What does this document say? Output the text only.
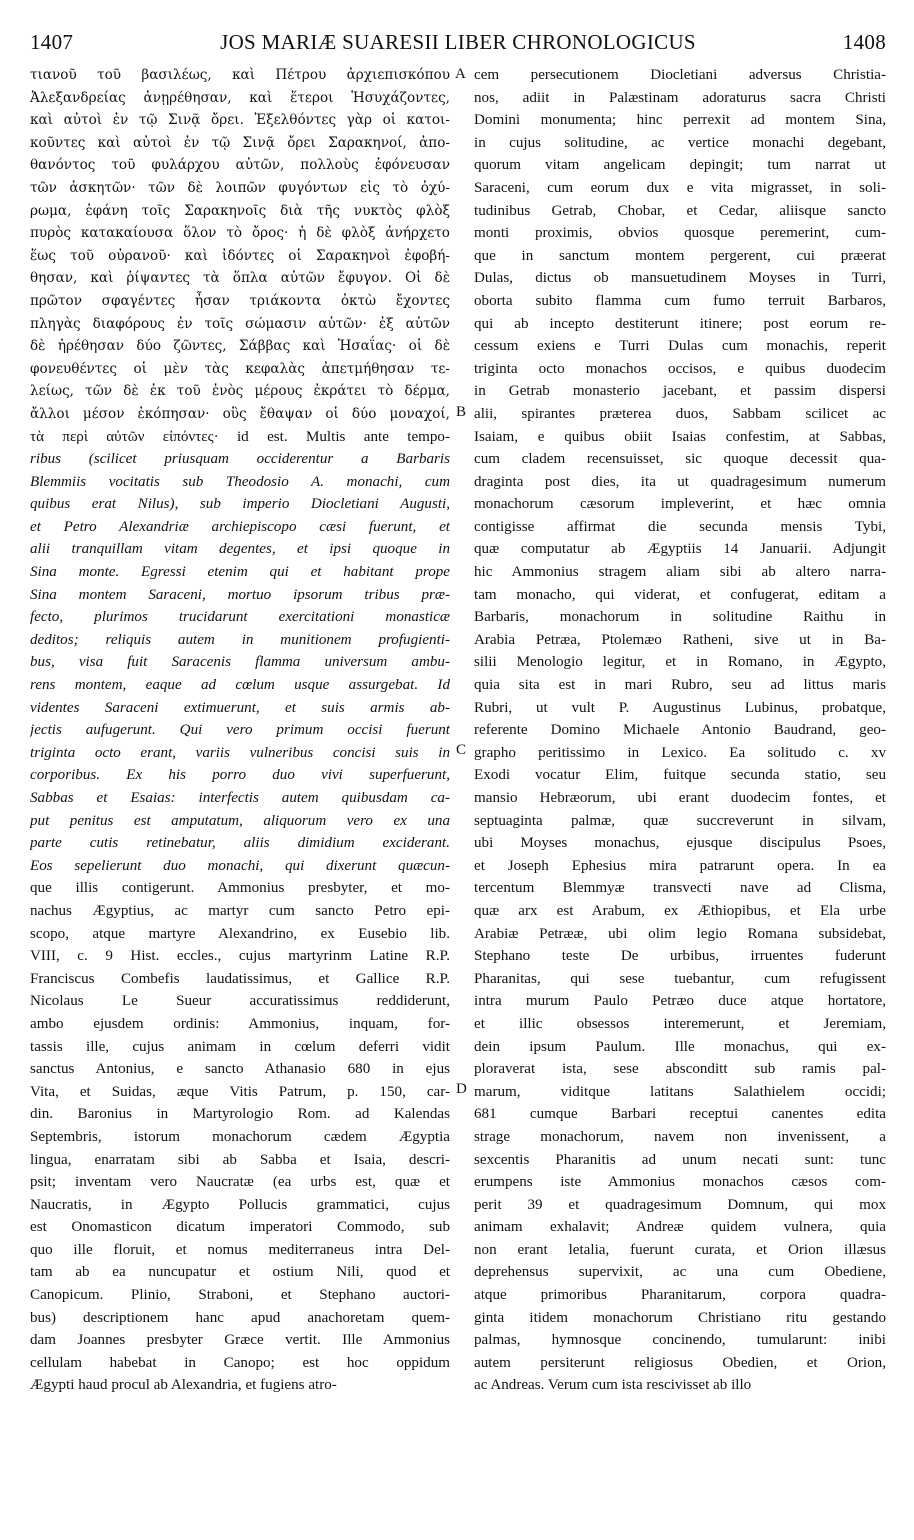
1407	JOS MARIÆ SUARESII LIBER CHRONOLOGICUS	1408
A
B
C
D
τιανοῦ τοῦ βασιλέως, καὶ Πέτρου ἀρχιεπισκόπου
Ἀλεξανδρείας ἀνῃρέθησαν, καὶ ἕτεροι Ἡσυχάζοντες,
καὶ αὐτοὶ ἐν τῷ Σινᾷ ὄρει. Ἐξελθόντες γὰρ οἱ κατοι-
κοῦντες καὶ αὐτοὶ ἐν τῷ Σινᾷ ὄρει Σαρακηνοί, ἀπο-
θανόντος τοῦ φυλάρχου αὐτῶν, πολλοὺς ἐφόνευσαν
τῶν ἀσκητῶν· τῶν δὲ λοιπῶν φυγόντων εἰς τὸ ὀχύ-
ρωμα, ἐφάνη τοῖς Σαρακηνοῖς διὰ τῆς νυκτὸς φλὸξ
πυρὸς κατακαίουσα ὅλον τὸ ὄρος· ἡ δὲ φλὸξ ἀνήρχετο
ἕως τοῦ οὐρανοῦ· καὶ ἰδόντες οἱ Σαρακηνοὶ ἐφοβή-
θησαν, καὶ ῥίψαντες τὰ ὅπλα αὐτῶν ἔφυγον. Οἱ δὲ
πρῶτον σφαγέντες ἦσαν τριάκοντα ὀκτὼ ἔχοντες
πληγὰς διαφόρους ἐν τοῖς σώμασιν αὐτῶν· ἐξ αὐτῶν
δὲ ἠρέθησαν δύο ζῶντες, Σάββας καὶ Ἡσαΐας· οἱ δὲ
φονευθέντες οἱ μὲν τὰς κεφαλὰς ἀπετμήθησαν τε-
λείως, τῶν δὲ ἐκ τοῦ ἑνὸς μέρους ἐκράτει τὸ δέρμα,
ἄλλοι μέσον ἐκόπησαν· οὓς ἔθαψαν οἱ δύο μοναχοί,
τὰ περὶ αὐτῶν εἰπόντες· id est. Multis ante tempo-
ribus (scilicet priusquam occiderentur a Barbaris
Blemmiis vocitatis sub Theodosio A. monachi, cum
quibus erat Nilus), sub imperio Diocletiani Augusti,
et Petro Alexandriæ archiepiscopo cæsi fuerunt, et
alii tranquillam vitam degentes, et ipsi quoque in
Sina monte. Egressi etenim qui et habitant prope
Sina montem Saraceni, mortuo ipsorum tribus præ-
fecto, plurimos trucidarunt exercitationi monasticæ
deditos; reliquis autem in munitionem profugienti-
bus, visa fuit Saracenis flamma universum ambu-
rens montem, eaque ad cœlum usque assurgebat. Id
videntes Saraceni extimuerunt, et suis armis ab-
jectis aufugerunt. Qui vero primum occisi fuerunt
triginta octo erant, variis vulneribus concisi suis in
corporibus. Ex his porro duo vivi superfuerunt,
Sabbas et Esaias: interfectis autem quibusdam ca-
put penitus est amputatum, aliquorum vero ex una
parte cutis retinebatur, aliis dimidium exciderant.
Eos sepelierunt duo monachi, qui dixerunt quæcun-
que illis contigerunt. Ammonius presbyter, et mo-
nachus Ægyptius, ac martyr cum sancto Petro epi-
scopo, atque martyre Alexandrino, ex Eusebio lib.
VIII, c. 9 Hist. eccles., cujus martyrinm Latine R.P.
Franciscus Combefis laudatissimus, et Gallice R.P.
Nicolaus Le Sueur accuratissimus reddiderunt,
ambo ejusdem ordinis: Ammonius, inquam, for-
tassis ille, cujus animam in cœlum deferri vidit
sanctus Antonius, e sancto Athanasio 680 in ejus
Vita, et Suidas, æque Vitis Patrum, p. 150, car-
din. Baronius in Martyrologio Rom. ad Kalendas
Septembris, istorum monachorum cædem Ægyptia
lingua, enarratam sibi ab Sabba et Isaia, descri-
psit; inventam vero Naucratæ (ea urbs est, quæ et
Naucratis, in Ægypto Pollucis grammatici, cujus
est Onomasticon dicatum imperatori Commodo, sub
quo ille floruit, et nomus mediterraneus intra Del-
tam ab ea nuncupatur et ostium Nili, quod et
Canopicum. Plinio, Straboni, et Stephano auctori-
bus) descriptionem hanc apud anachoretam quem-
dam Joannes presbyter Græce vertit. Ille Ammonius
cellulam habebat in Canopo; est hoc oppidum
Ægypti haud procul ab Alexandria, et fugiens atro-
cem persecutionem Diocletiani adversus Christia-
nos, adiit in Palæstinam adoraturus sacra Christi
Domini monumenta; hinc perrexit ad montem Sina,
in cujus solitudine, ac vertice monachi degebant,
quorum vitam angelicam depingit; tum narrat ut
Saraceni, cum eorum dux e vita migrasset, in soli-
tudinibus Getrab, Chobar, et Cedar, aliisque sancto
monti proximis, obvios quosque peremerint, cum-
que in sanctum montem pergerent, cui præerat
Dulas, dictus ob mansuetudinem Moyses in Turri,
oborta subito flamma cum fumo terruit Barbaros,
qui ab incepto destiterunt itinere; post eorum re-
cessum exiens e Turri Dulas cum monachis, reperit
triginta octo monachos occisos, e quibus duodecim
in Getrab monasterio jacebant, et passim dispersi
alii, spirantes præterea duos, Sabbam scilicet ac
Isaiam, e quibus obiit Isaias confestim, at Sabbas,
cum cladem recensuisset, sic quoque decessit qua-
draginta post dies, ita ut quadragesimum numerum
monachorum cæsorum impleverint, et hæc omnia
contigisse affirmat die secunda mensis Tybi,
quæ computatur ab Ægyptiis 14 Januarii. Adjungit
hic Ammonius stragem aliam sibi ab altero narra-
tam monacho, qui viderat, et confugerat, editam a
Barbaris, monachorum in solitudine Raithu in
Arabia Petræa, Ptolemæo Ratheni, sive ut in Ba-
silii Menologio legitur, et in Romano, in Ægypto,
quia sita est in mari Rubro, seu ad littus maris
Rubri, ut vult P. Augustinus Lubinus, probatque,
referente Domino Michaele Antonio Baudrand, geo-
grapho peritissimo in Lexico. Ea solitudo c. xv
Exodi vocatur Elim, fuitque secunda statio, seu
mansio Hebræorum, ubi erant duodecim fontes, et
septuaginta palmæ, quæ succreverunt in silvam,
ubi Moyses monachus, ejusque discipulus Psoes,
et Joseph Ephesius mira patrarunt opera. In ea
tercentum Blemmyæ transvecti nave ad Clisma,
quæ arx est Arabum, ex Æthiopibus, et Ela urbe
Arabiæ Petrææ, ubi olim legio Romana subsidebat,
Stephano teste De urbibus, irruentes fuderunt
Pharanitas, qui sese tuebantur, cum refugissent
intra murum Paulo Petræo duce atque hortatore,
et illic obsessos interemerunt, et Jeremiam,
dein ipsum Paulum. Ille monachus, qui ex-
ploraverat ista, sese absconditt sub ramis pal-
marum, viditque latitans Salathielem occidi;
681 cumque Barbari receptui canentes edita
strage monachorum, navem non invenissent, a
sexcentis Pharanitis ad unum necati sunt: tunc
erumpens iste Ammonius monachos cæsos com-
perit 39 et quadragesimum Domnum, qui mox
animam exhalavit; Andreæ quidem vulnera, quia
non erant letalia, fuerunt curata, et Orion illæsus
deprehensus supervixit, ac una cum Obediene,
atque primoribus Pharanitarum, corpora quadra-
ginta itidem monachorum Christiano ritu gestando
palmas, hymnosque concinendo, tumularunt: inibi
autem persiterunt religiosus Obedien, et Orion,
ac Andreas. Verum cum ista rescivisset ab illo
